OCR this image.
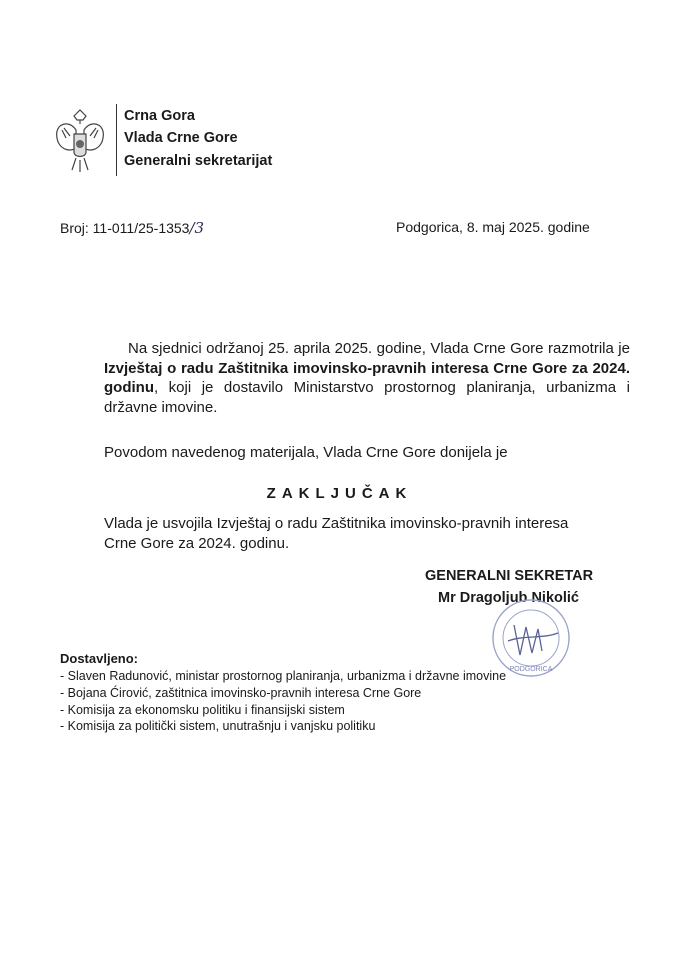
Crna Gora
Vlada Crne Gore
Generalni sekretarijat
Broj: 11-011/25-1353/3	Podgorica, 8. maj 2025. godine
Na sjednici održanoj 25. aprila 2025. godine, Vlada Crne Gore razmotrila je Izvještaj o radu Zaštitnika imovinsko-pravnih interesa Crne Gore za 2024. godinu, koji je dostavilo Ministarstvo prostornog planiranja, urbanizma i državne imovine.
Povodom navedenog materijala, Vlada Crne Gore donijela je
ZAKLJUČAK
Vlada je usvojila Izvještaj o radu Zaštitnika imovinsko-pravnih interesa
Crne Gore za 2024. godinu.
GENERALNI SEKRETAR
Mr Dragoljub Nikolić
PODGORICA
Dostavljeno:
- Slaven Radunović, ministar prostornog planiranja, urbanizma i državne imovine
- Bojana Ćirović, zaštitnica imovinsko-pravnih interesa Crne Gore
- Komisija za ekonomsku politiku i finansijski sistem
- Komisija za politički sistem, unutrašnju i vanjsku politiku
